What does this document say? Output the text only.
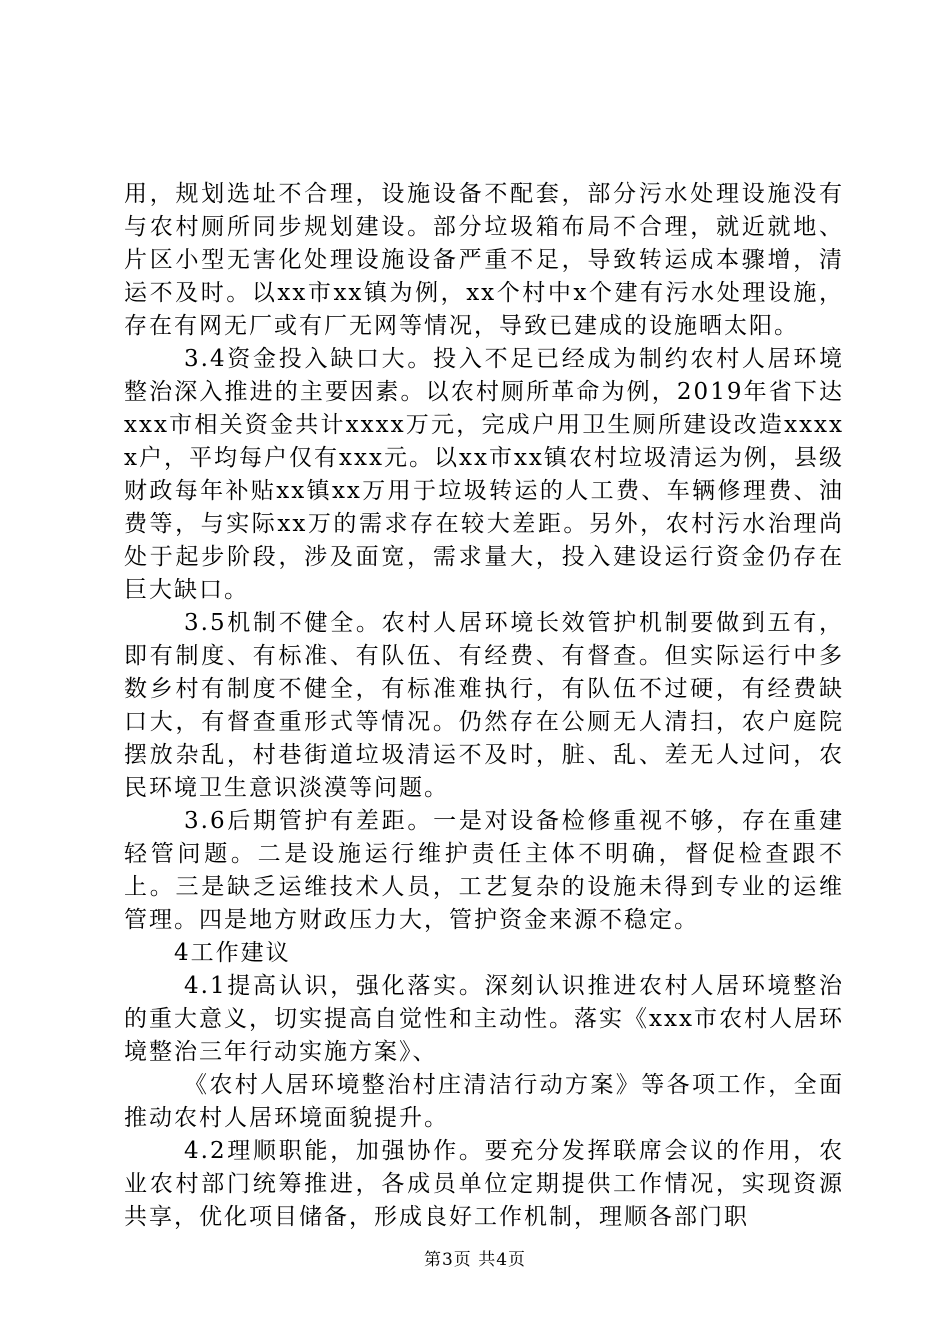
用，规划选址不合理，设施设备不配套，部分污水处理设施没有与农村厕所同步规划建设。部分垃圾箱布局不合理，就近就地、片区小型无害化处理设施设备严重不足，导致转运成本骤增，清运不及时。以xx市xx镇为例，xx个村中x个建有污水处理设施，存在有网无厂或有厂无网等情况，导致已建成的设施晒太阳。

3.4资金投入缺口大。投入不足已经成为制约农村人居环境整治深入推进的主要因素。以农村厕所革命为例，2019年省下达xxx市相关资金共计xxxx万元，完成户用卫生厕所建设改造xxxxx户，平均每户仅有xxx元。以xx市xx镇农村垃圾清运为例，县级财政每年补贴xx镇xx万用于垃圾转运的人工费、车辆修理费、油费等，与实际xx万的需求存在较大差距。另外，农村污水治理尚处于起步阶段，涉及面宽，需求量大，投入建设运行资金仍存在巨大缺口。

3.5机制不健全。农村人居环境长效管护机制要做到五有，即有制度、有标准、有队伍、有经费、有督查。但实际运行中多数乡村有制度不健全，有标准难执行，有队伍不过硬，有经费缺口大，有督查重形式等情况。仍然存在公厕无人清扫，农户庭院摆放杂乱，村巷街道垃圾清运不及时，脏、乱、差无人过问，农民环境卫生意识淡漠等问题。

3.6后期管护有差距。一是对设备检修重视不够，存在重建轻管问题。二是设施运行维护责任主体不明确，督促检查跟不上。三是缺乏运维技术人员，工艺复杂的设施未得到专业的运维管理。四是地方财政压力大，管护资金来源不稳定。

4工作建议

4.1提高认识，强化落实。深刻认识推进农村人居环境整治的重大意义，切实提高自觉性和主动性。落实《xxx市农村人居环境整治三年行动实施方案》、

《农村人居环境整治村庄清洁行动方案》等各项工作，全面推动农村人居环境面貌提升。

4.2理顺职能，加强协作。要充分发挥联席会议的作用，农业农村部门统筹推进，各成员单位定期提供工作情况，实现资源共享，优化项目储备，形成良好工作机制，理顺各部门职

第3页 共4页
